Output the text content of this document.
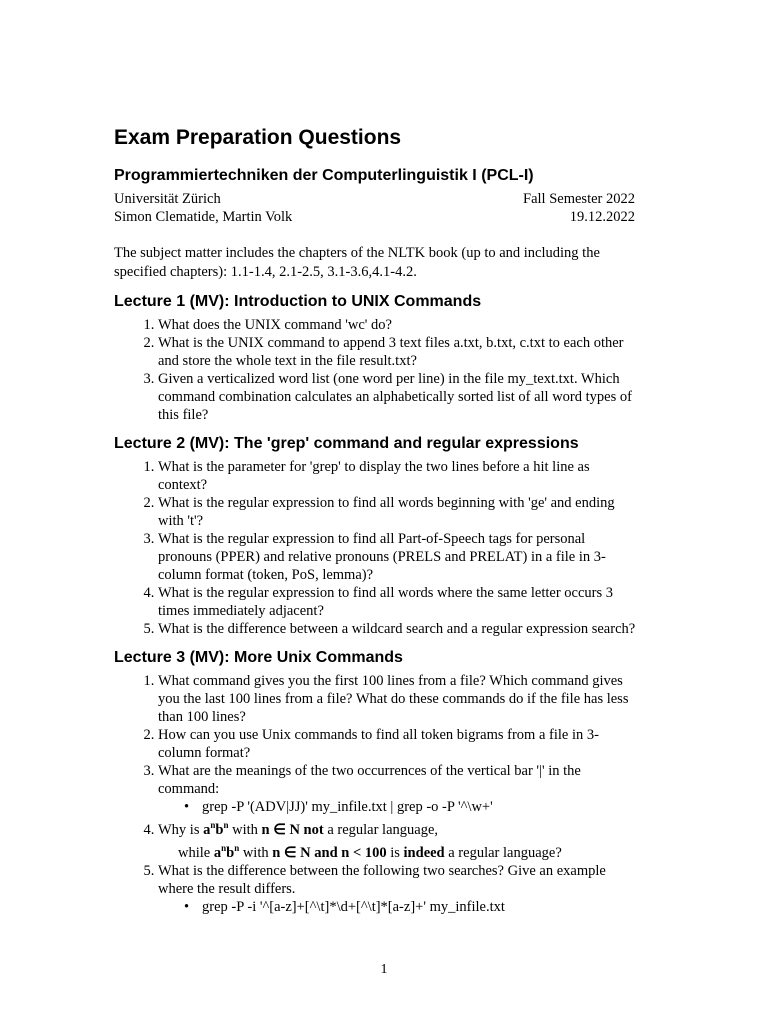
Exam Preparation Questions
Programmiertechniken der Computerlinguistik I (PCL-I)
Universität Zürich	Fall Semester 2022
Simon Clematide, Martin Volk	19.12.2022

The subject matter includes the chapters of the NLTK book (up to and including the specified chapters): 1.1-1.4, 2.1-2.5, 3.1-3.6,4.1-4.2.

Lecture 1 (MV): Introduction to UNIX Commands
1. What does the UNIX command 'wc' do?
2. What is the UNIX command to append 3 text files a.txt, b.txt, c.txt to each other and store the whole text in the file result.txt?
3. Given a verticalized word list (one word per line) in the file my_text.txt. Which command combination calculates an alphabetically sorted list of all word types of this file?
Lecture 2 (MV): The 'grep' command and regular expressions
1. What is the parameter for 'grep' to display the two lines before a hit line as context?
2. What is the regular expression to find all words beginning with 'ge' and ending with 't'?
3. What is the regular expression to find all Part-of-Speech tags for personal pronouns (PPER) and relative pronouns (PRELS and PRELAT) in a file in 3-column format (token, PoS, lemma)?
4. What is the regular expression to find all words where the same letter occurs 3 times immediately adjacent?
5. What is the difference between a wildcard search and a regular expression search?
Lecture 3 (MV): More Unix Commands
1. What command gives you the first 100 lines from a file? Which command gives you the last 100 lines from a file? What do these commands do if the file has less than 100 lines?
2. How can you use Unix commands to find all token bigrams from a file in 3-column format?
3. What are the meanings of the two occurrences of the vertical bar '|' in the command:
• grep -P '(ADV|JJ)' my_infile.txt | grep -o -P '^\w+'
4. Why is $a^nb^n$ with n ∈ N not a regular language,
while $a^nb^n$ with n ∈ N and n < 100 is indeed a regular language?
5. What is the difference between the following two searches? Give an example where the result differs.
• grep -P -i '^[a-z]+[^\t]*\d+[^\t]*[a-z]+' my_infile.txt
1
